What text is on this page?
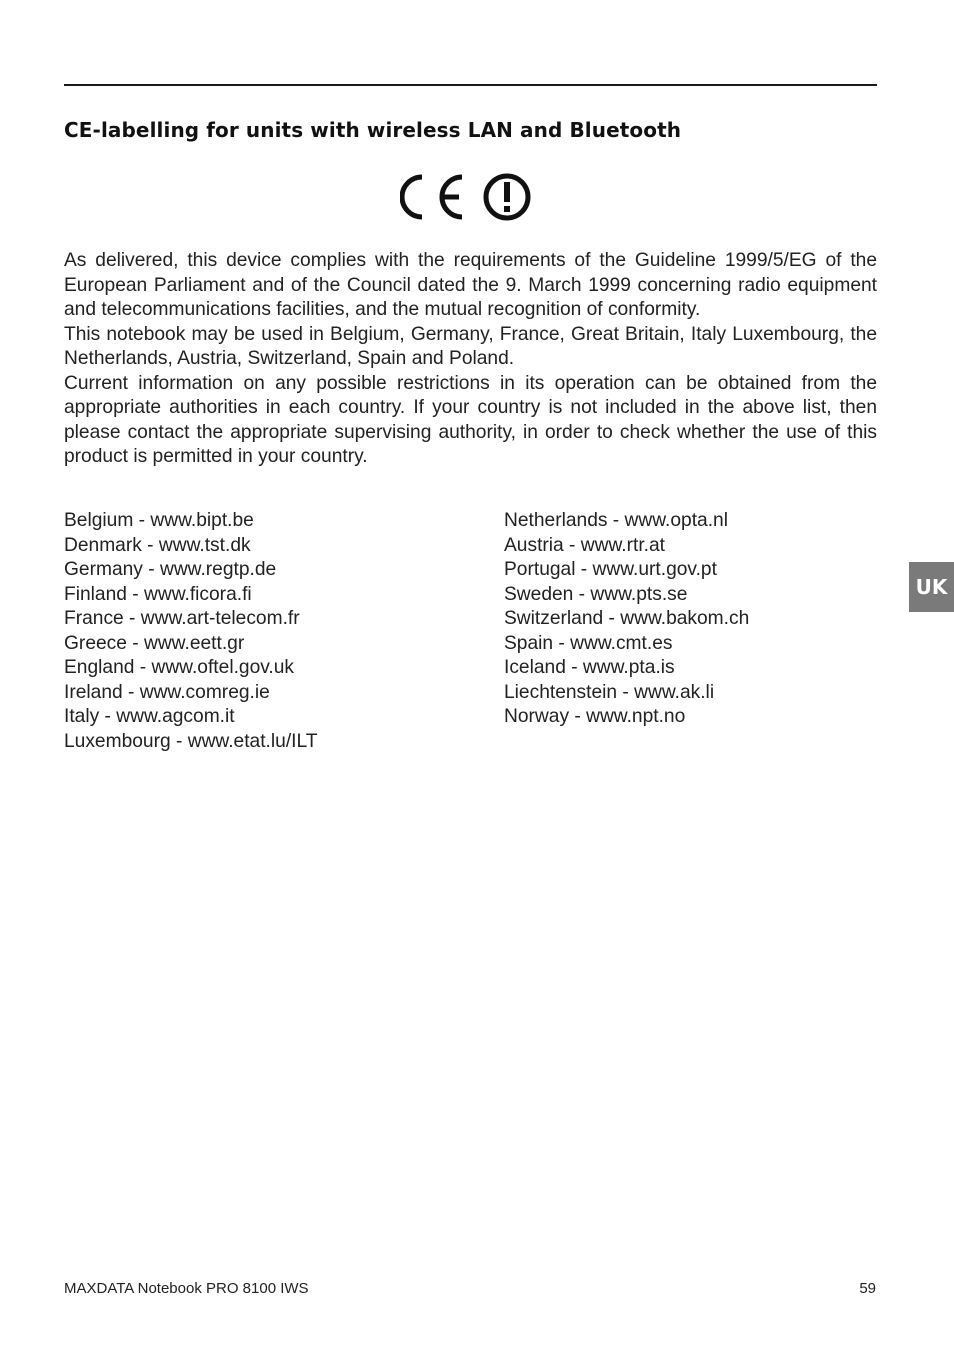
CE-labelling for units with wireless LAN and Bluetooth

As delivered, this device complies with the requirements of the Guideline 1999/5/EG of the European Parliament and of the Council dated the 9. March 1999 concerning radio equipment and telecommunications facilities, and the mutual recognition of conformity.

This notebook may be used in Belgium, Germany, France, Great Britain, Italy Luxembourg, the Netherlands, Austria, Switzerland, Spain and Poland.

Current information on any possible restrictions in its operation can be obtained from the appropriate authorities in each country. If your country is not included in the above list, then please contact the appropriate supervising authority, in order to check whether the use of this product is permitted in your country.

Belgium - www.bipt.be
Denmark - www.tst.dk
Germany - www.regtp.de
Finland - www.ficora.fi
France - www.art-telecom.fr
Greece - www.eett.gr
England - www.oftel.gov.uk
Ireland - www.comreg.ie
Italy - www.agcom.it
Luxembourg - www.etat.lu/ILT
Netherlands - www.opta.nl
Austria - www.rtr.at
Portugal - www.urt.gov.pt
Sweden - www.pts.se
Switzerland - www.bakom.ch
Spain - www.cmt.es
Iceland - www.pta.is
Liechtenstein - www.ak.li
Norway - www.npt.no
UK
MAXDATA Notebook PRO 8100 IWS	59
